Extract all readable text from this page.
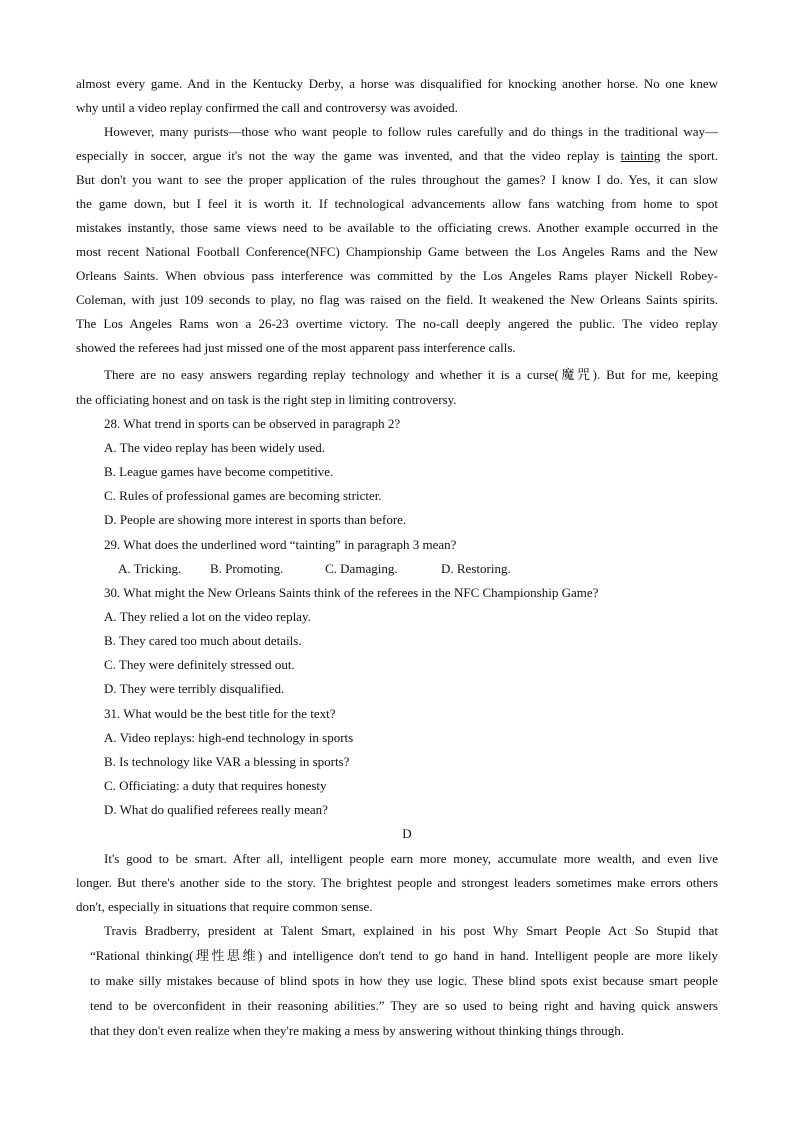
almost every game. And in the Kentucky Derby, a horse was disqualified for knocking another horse. No one knew
why until a video replay confirmed the call and controversy was avoided.
However, many purists—those who want people to follow rules carefully and do things in the traditional way—
especially in soccer, argue it's not the way the game was invented, and that the video replay is tainting the sport.
But don't you want to see the proper application of the rules throughout the games? I know I do. Yes, it can slow
the game down, but I feel it is worth it. If technological advancements allow fans watching from home to spot
mistakes instantly, those same views need to be available to the officiating crews. Another example occurred in the
most recent National Football Conference(NFC) Championship Game between the Los Angeles Rams and the New
Orleans Saints. When obvious pass interference was committed by the Los Angeles Rams player Nickell Robey-
Coleman, with just 109 seconds to play, no flag was raised on the field. It weakened the New Orleans Saints spirits.
The Los Angeles Rams won a 26-23 overtime victory. The no-call deeply angered the public. The video replay
showed the referees had just missed one of the most apparent pass interference calls.
There are no easy answers regarding replay technology and whether it is a curse(魔咒). But for me, keeping
the officiating honest and on task is the right step in limiting controversy.
28. What trend in sports can be observed in paragraph 2?
A. The video replay has been widely used.
B. League games have become competitive.
C. Rules of professional games are becoming stricter.
D. People are showing more interest in sports than before.
29. What does the underlined word “tainting” in paragraph 3 mean?
A. Tricking.	B. Promoting.	C. Damaging.	D. Restoring.
30. What might the New Orleans Saints think of the referees in the NFC Championship Game?
A. They relied a lot on the video replay.
B. They cared too much about details.
C. They were definitely stressed out.
D. They were terribly disqualified.
31. What would be the best title for the text?
A. Video replays: high-end technology in sports
B. Is technology like VAR a blessing in sports?
C. Officiating: a duty that requires honesty
D. What do qualified referees really mean?
D
It's good to be smart. After all, intelligent people earn more money, accumulate more wealth, and even live
longer. But there's another side to the story. The brightest people and strongest leaders sometimes make errors others
don't, especially in situations that require common sense.
Travis Bradberry, president at Talent Smart, explained in his post Why Smart People Act So Stupid that
“Rational thinking(理性思维) and intelligence don't tend to go hand in hand. Intelligent people are more likely
to make silly mistakes because of blind spots in how they use logic. These blind spots exist because smart people
tend to be overconfident in their reasoning abilities.” They are so used to being right and having quick answers
that they don't even realize when they're making a mess by answering without thinking things through.
